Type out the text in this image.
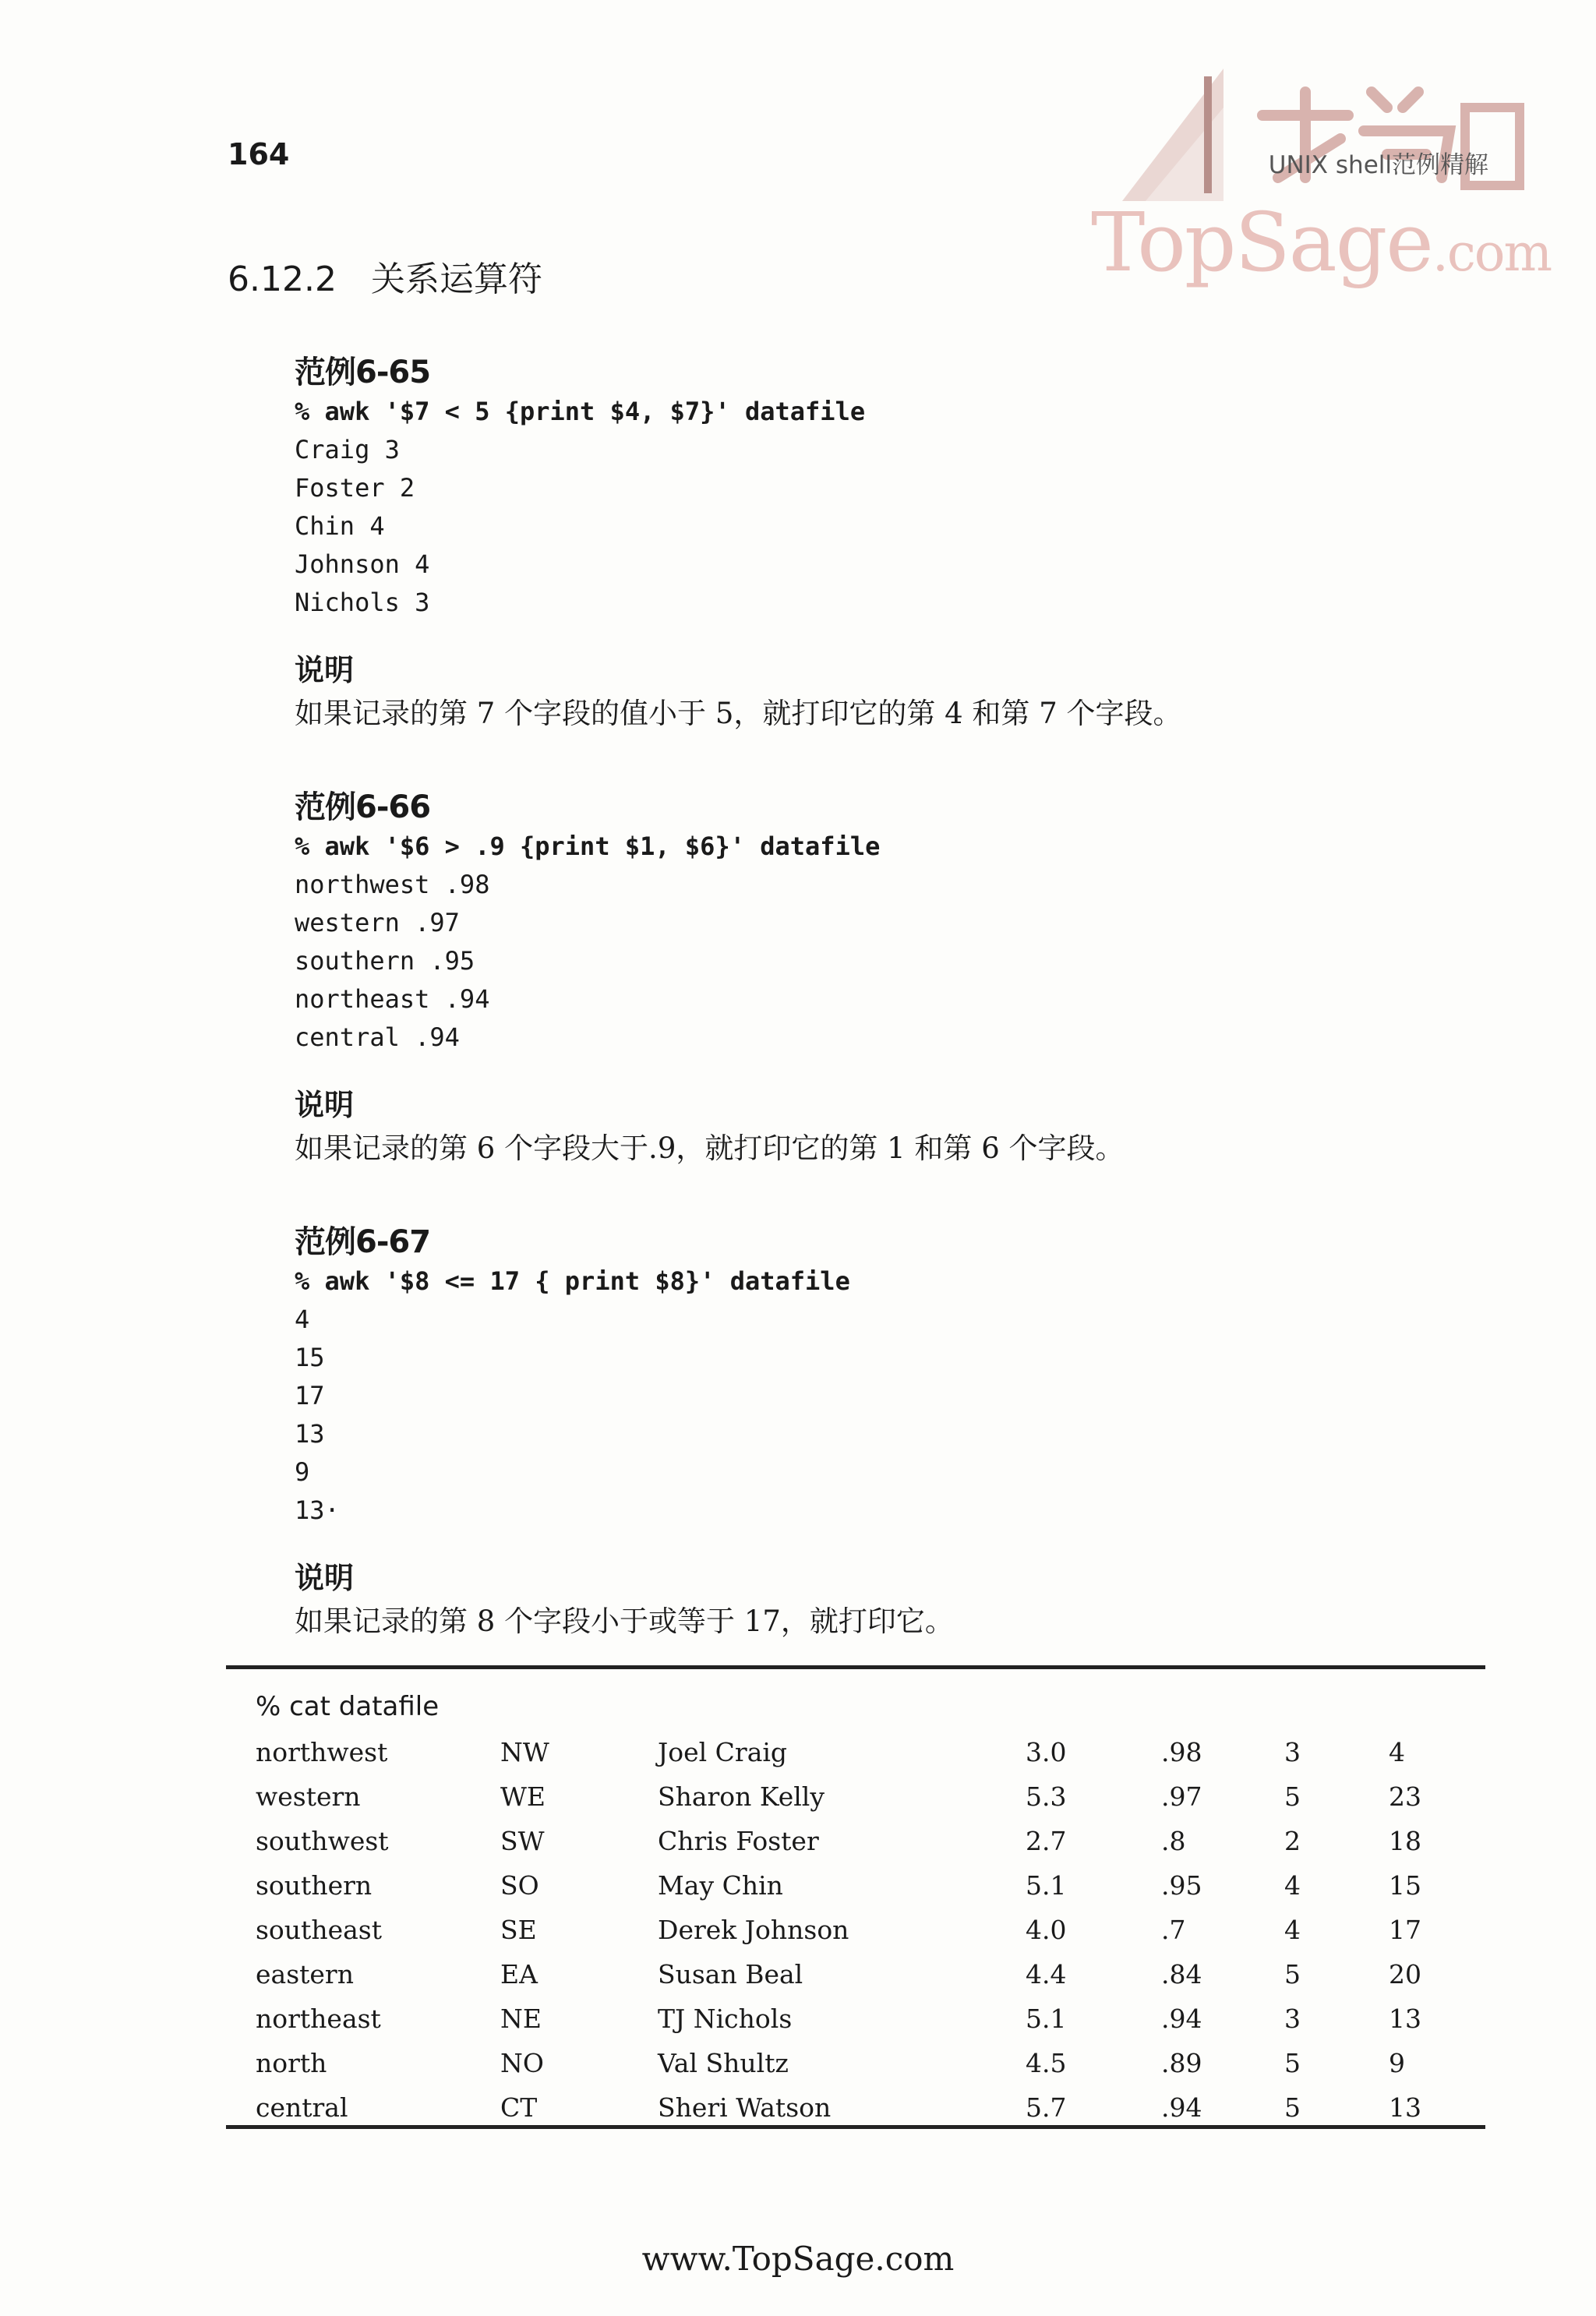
TopSage.com
164	UNIX shell范例精解
6.12.2 关系运算符
范例6-65
% awk '$7 < 5 {print $4, $7}' datafile
Craig 3
Foster 2
Chin 4
Johnson 4
Nichols 3
说明
如果记录的第 7 个字段的值小于 5，就打印它的第 4 和第 7 个字段。
范例6-66
% awk '$6 > .9 {print $1, $6}' datafile
northwest .98
western .97
southern .95
northeast .94
central .94
说明
如果记录的第 6 个字段大于.9，就打印它的第 1 和第 6 个字段。
范例6-67
% awk '$8 <= 17 { print $8}' datafile
4
15
17
13
9
13·
说明
如果记录的第 8 个字段小于或等于 17，就打印它。
% cat datafile
northwest	NW	Joel Craig	3.0	.98	3	4
western	WE	Sharon Kelly	5.3	.97	5	23
southwest	SW	Chris Foster	2.7	.8	2	18
southern	SO	May Chin	5.1	.95	4	15
southeast	SE	Derek Johnson	4.0	.7	4	17
eastern	EA	Susan Beal	4.4	.84	5	20
northeast	NE	TJ Nichols	5.1	.94	3	13
north	NO	Val Shultz	4.5	.89	5	9
central	CT	Sheri Watson	5.7	.94	5	13
www.TopSage.com
